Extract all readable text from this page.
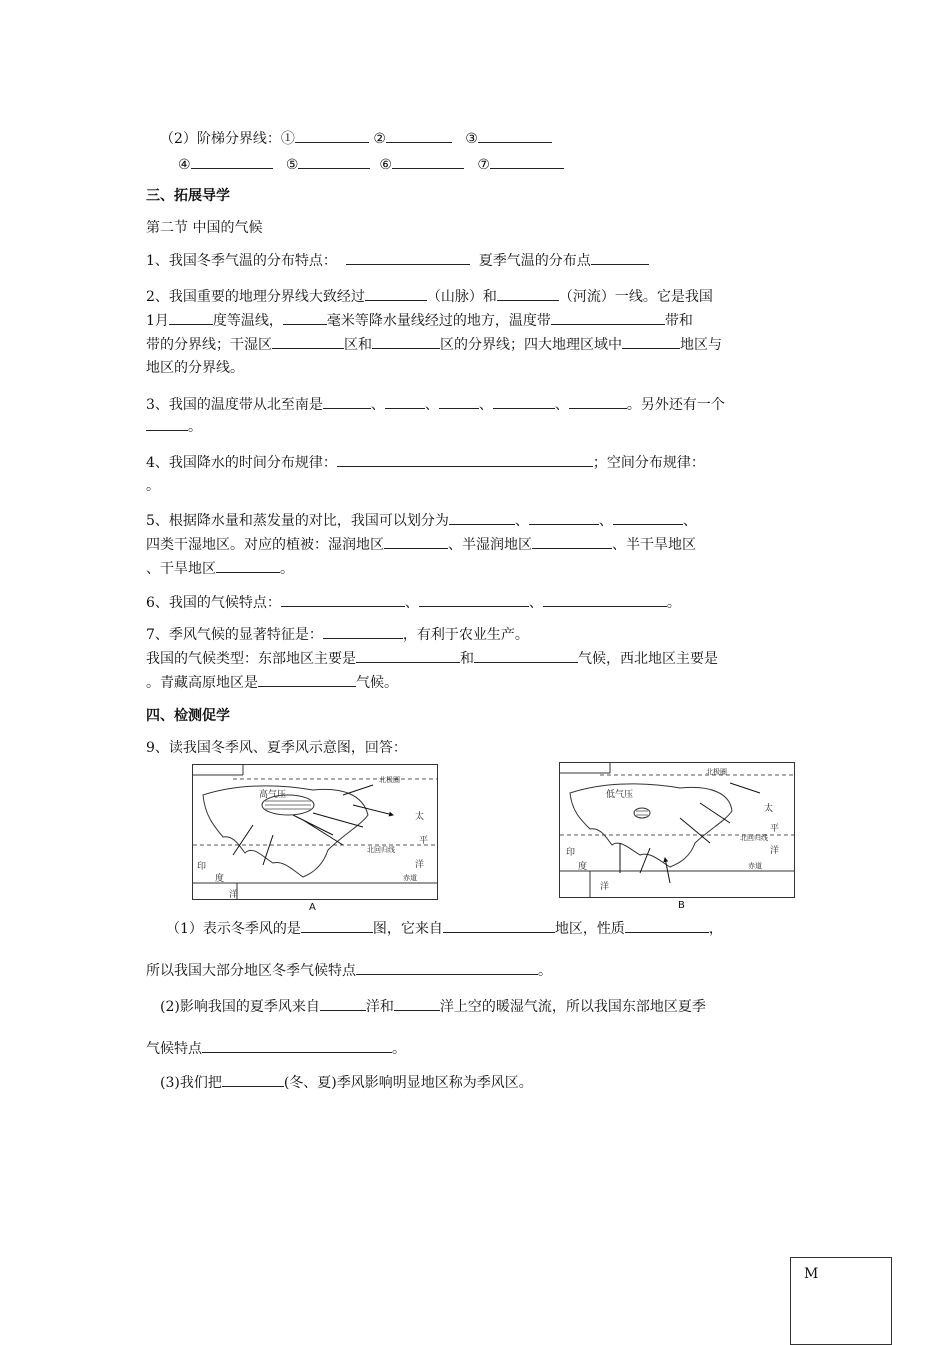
（2）阶梯分界线：①	②	③
④	⑤	⑥	⑦
三、拓展导学
第二节 中国的气候
1、我国冬季气温的分布特点：	夏季气温的分布点
2、我国重要的地理分界线大致经过	（山脉）和	（河流）一线。它是我国
1月	度等温线，	毫米等降水量线经过的地方，温度带	带和
带的分界线；干湿区	区和	区的分界线；四大地理区域中	地区与
地区的分界线。
3、我国的温度带从北至南是	、	、	、	、	。另外还有一个
。
4、我国降水的时间分布规律：	；空间分布规律：
。
5、根据降水量和蒸发量的对比，我国可以划分为	、	、	、
四类干湿地区。对应的植被：湿润地区	、半湿润地区	、半干旱地区
、干旱地区	。
6、我国的气候特点：	、	、	。
7、季风气候的显著特征是：	，有利于农业生产。
我国的气候类型：东部地区主要是	和	气候，西北地区主要是
。青藏高原地区是	气候。
四、检测促学
9、读我国冬季风、夏季风示意图，回答：
高气压
北极圈
北回归线
赤道
太
平
洋
印
度
洋
A
低气压
北极圈
北回归线
赤道
太
平
洋
印
度
洋
B
（1）表示冬季风的是	图，它来自	地区，性质	，
所以我国大部分地区冬季气候特点	。
(2)影响我国的夏季风来自	洋和	洋上空的暖湿气流，所以我国东部地区夏季
气候特点	。
(3)我们把	(冬、夏)季风影响明显地区称为季风区。
M
